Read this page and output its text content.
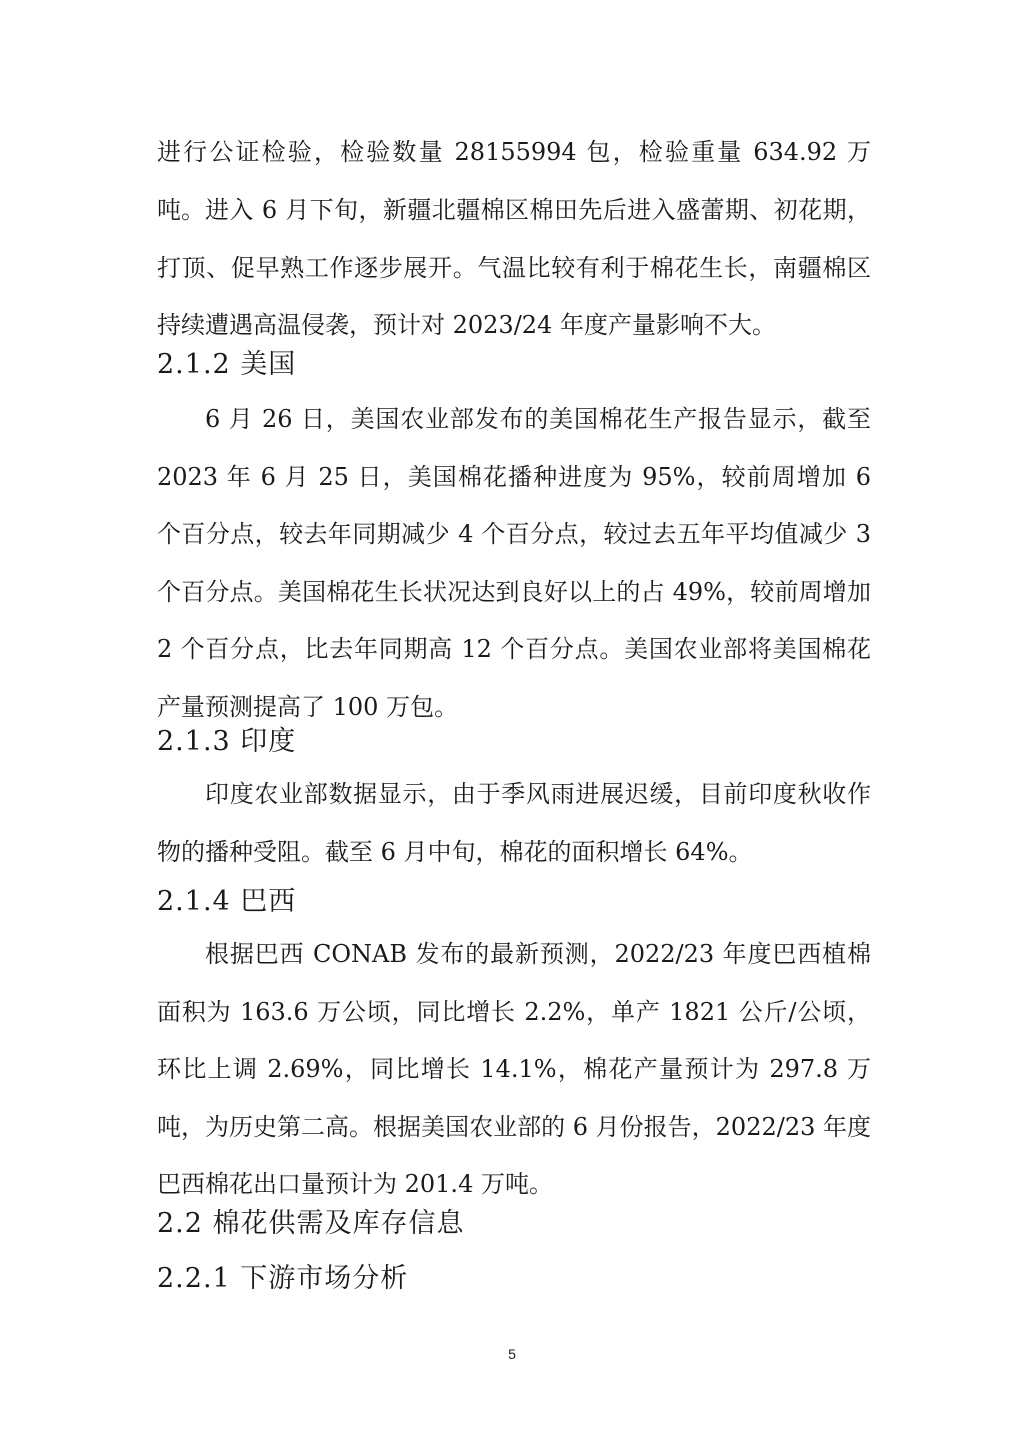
进行公证检验，检验数量 28155994 包，检验重量 634.92 万吨。 进入 6 月下旬，新疆北疆棉区棉田先后进入盛蕾期、初花期，打顶、促早熟工作逐步展开。气温比较有利于棉花生长，南疆棉区持续遭遇高温侵袭，预计对 2023/24 年度产量影响不大。

2.1.2 美国

6 月 26 日，美国农业部发布的美国棉花生产报告显示，截至 2023 年 6 月 25 日，美国棉花播种进度为 95%，较前周增加 6 个百分点，较去年同期减少 4 个百分点，较过去五年平均值减少 3 个百分点。美国棉花生长状况达到良好以上的占 49%，较前周增加 2 个百分点，比去年同期高 12 个百分点。美国农业部将美国棉花产量预测提高了 100 万包。

2.1.3 印度

印度农业部数据显示，由于季风雨进展迟缓，目前印度秋收作物的播种受阻。截至 6 月中旬，棉花的面积增长 64%。

2.1.4 巴西

根据巴西 CONAB 发布的最新预测，2022/23 年度巴西植棉面积为 163.6 万公顷，同比增长 2.2%，单产 1821 公斤/公顷，环比上调 2.69%，同比增长 14.1%，棉花产量预计为 297.8 万吨，为历史第二高。根据美国农业部的 6 月份报告，2022/23 年度巴西棉花出口量预计为 201.4 万吨。

2.2 棉花供需及库存信息
2.2.1 下游市场分析
5
